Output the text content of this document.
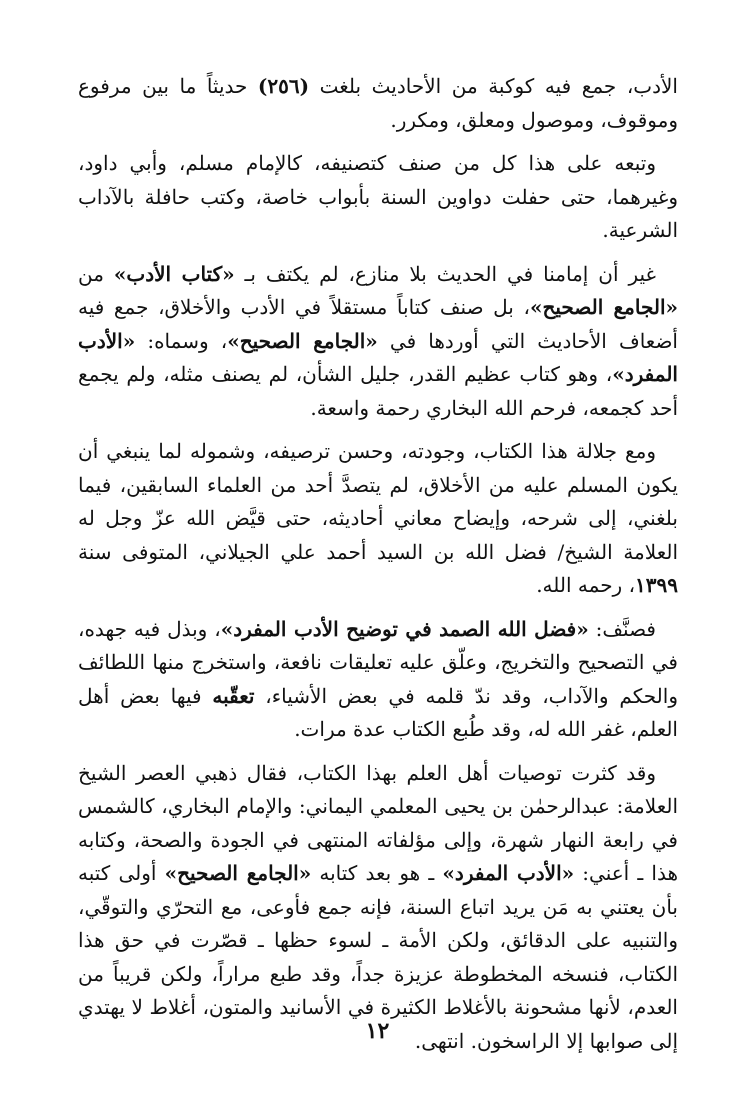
الأدب، جمع فيه كوكبة من الأحاديث بلغت (٢٥٦) حديثاً ما بين مرفوع وموقوف، وموصول ومعلق، ومكرر.

وتبعه على هذا كل من صنف كتصنيفه، كالإمام مسلم، وأبي داود، وغيرهما، حتى حفلت دواوين السنة بأبواب خاصة، وكتب حافلة بالآداب الشرعية.

غير أن إمامنا في الحديث بلا منازع، لم يكتف بـ «كتاب الأدب» من «الجامع الصحيح»، بل صنف كتاباً مستقلاً في الأدب والأخلاق، جمع فيه أضعاف الأحاديث التي أوردها في «الجامع الصحيح»، وسماه: «الأدب المفرد»، وهو كتاب عظيم القدر، جليل الشأن، لم يصنف مثله، ولم يجمع أحد كجمعه، فرحم الله البخاري رحمة واسعة.

ومع جلالة هذا الكتاب، وجودته، وحسن ترصيفه، وشموله لما ينبغي أن يكون المسلم عليه من الأخلاق، لم يتصدَّ أحد من العلماء السابقين، فيما بلغني، إلى شرحه، وإيضاح معاني أحاديثه، حتى قيَّض الله عزّ وجل له العلامة الشيخ/ فضل الله بن السيد أحمد علي الجيلاني، المتوفى سنة ١٣٩٩، رحمه الله.

فصنَّف: «فضل الله الصمد في توضيح الأدب المفرد»، وبذل فيه جهده، في التصحيح والتخريج، وعلّق عليه تعليقات نافعة، واستخرج منها اللطائف والحكم والآداب، وقد ندّ قلمه في بعض الأشياء، تعقّبه فيها بعض أهل العلم، غفر الله له، وقد طُبع الكتاب عدة مرات.

وقد كثرت توصيات أهل العلم بهذا الكتاب، فقال ذهبي العصر الشيخ العلامة: عبدالرحمٰن بن يحيى المعلمي اليماني: والإمام البخاري، كالشمس في رابعة النهار شهرة، وإلى مؤلفاته المنتهى في الجودة والصحة، وكتابه هذا ـ أعني: «الأدب المفرد» ـ هو بعد كتابه «الجامع الصحيح» أولى كتبه بأن يعتني به مَن يريد اتباع السنة، فإنه جمع فأوعى، مع التحرّي والتوقّي، والتنبيه على الدقائق، ولكن الأمة ـ لسوء حظها ـ قصّرت في حق هذا الكتاب، فنسخه المخطوطة عزيزة جداً، وقد طبع مراراً، ولكن قريباً من العدم، لأنها مشحونة بالأغلاط الكثيرة في الأسانيد والمتون، أغلاط لا يهتدي إلى صوابها إلا الراسخون. انتهى.

١٢
